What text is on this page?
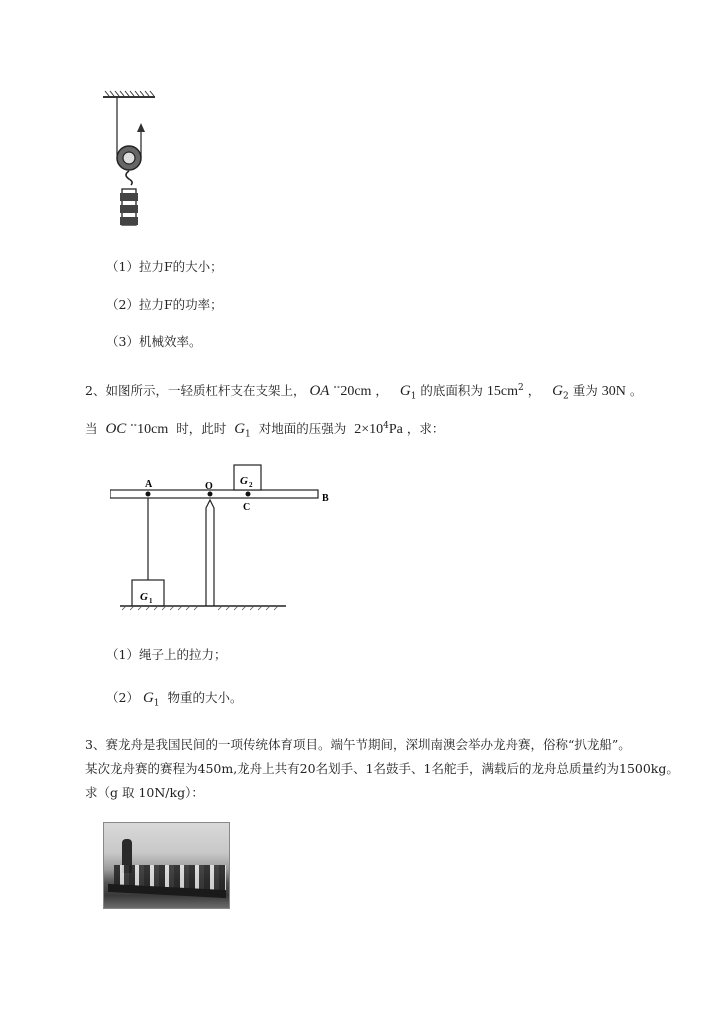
（1）拉力F的大小；
（2）拉力F的功率；
（3）机械效率。
2、如图所示，一轻质杠杆支在支架上， OA ∘∘20cm ， $G_1$ 的底面积为 $15cm^2$ ， $G_2$ 重为 30N 。
当 OC ∘∘10cm 时，此时 $G_1$ 对地面的压强为 $2\times 10^4Pa$ ，求：
A	O
B
C
G 2
G 1
（1）绳子上的拉力；
（2） $G_1$ 物重的大小。
3、赛龙舟是我国民间的一项传统体育项目。端午节期间，深圳南澳会举办龙舟赛，俗称“扒龙船”。
某次龙舟赛的赛程为450m,龙舟上共有20名划手、1名鼓手、1名舵手，满载后的龙舟总质量约为1500kg。
求（g 取 10N/kg）：
